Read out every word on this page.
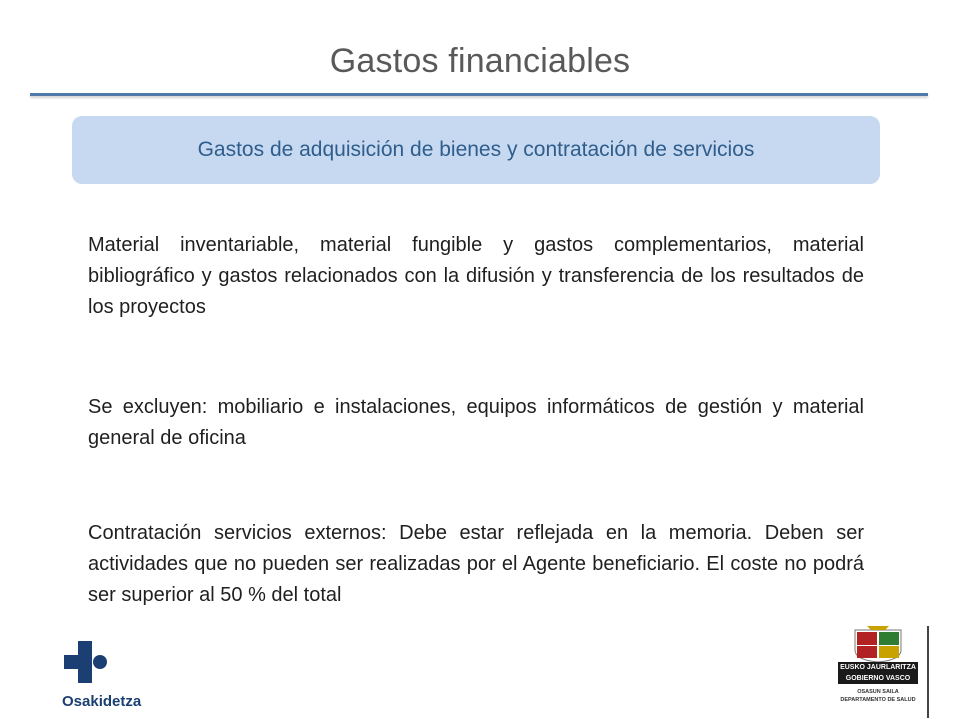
Gastos financiables
Gastos de adquisición de bienes y contratación de servicios
Material inventariable, material fungible y gastos complementarios, material bibliográfico y gastos relacionados con la difusión y transferencia de los resultados de los proyectos
Se excluyen: mobiliario e instalaciones, equipos informáticos de gestión y material general de oficina
Contratación servicios externos: Debe estar reflejada en la memoria. Deben ser actividades que no pueden ser realizadas por el Agente beneficiario. El coste no podrá ser superior al 50 % del total
Osakidetza
EUSKO JAURLARITZA
GOBIERNO VASCO
OSASUN SAILA
DEPARTAMENTO DE SALUD
